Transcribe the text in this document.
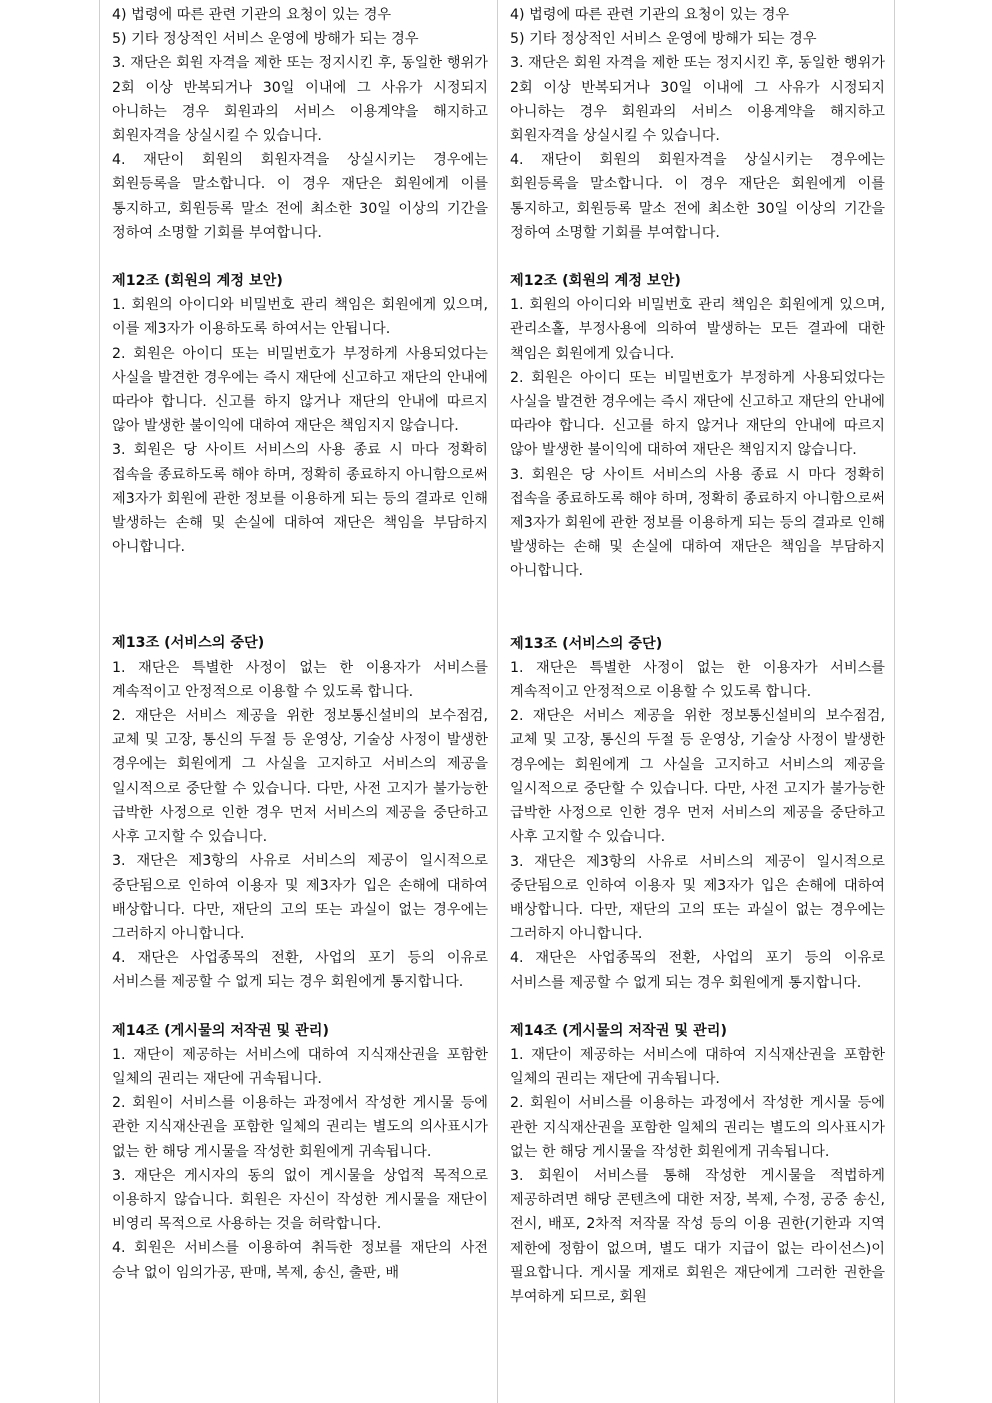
4) 법령에 따른 관련 기관의 요청이 있는 경우
5) 기타 정상적인 서비스 운영에 방해가 되는 경우
3. 재단은 회원 자격을 제한 또는 정지시킨 후, 동일한 행위가 2회 이상 반복되거나 30일 이내에 그 사유가 시정되지 아니하는 경우 회원과의 서비스 이용계약을 해지하고 회원자격을 상실시킬 수 있습니다.
4. 재단이 회원의 회원자격을 상실시키는 경우에는 회원등록을 말소합니다. 이 경우 재단은 회원에게 이를 통지하고, 회원등록 말소 전에 최소한 30일 이상의 기간을 정하여 소명할 기회를 부여합니다.
제12조 (회원의 계정 보안)
1. 회원의 아이디와 비밀번호 관리 책임은 회원에게 있으며, 이를 제3자가 이용하도록 하여서는 안됩니다.
2. 회원은 아이디 또는 비밀번호가 부정하게 사용되었다는 사실을 발견한 경우에는 즉시 재단에 신고하고 재단의 안내에 따라야 합니다. 신고를 하지 않거나 재단의 안내에 따르지 않아 발생한 불이익에 대하여 재단은 책임지지 않습니다.
3. 회원은 당 사이트 서비스의 사용 종료 시 마다 정확히 접속을 종료하도록 해야 하며, 정확히 종료하지 아니함으로써 제3자가 회원에 관한 정보를 이용하게 되는 등의 결과로 인해 발생하는 손해 및 손실에 대하여 재단은 책임을 부담하지 아니합니다.
제13조 (서비스의 중단)
1. 재단은 특별한 사정이 없는 한 이용자가 서비스를 계속적이고 안정적으로 이용할 수 있도록 합니다.
2. 재단은 서비스 제공을 위한 정보통신설비의 보수점검, 교체 및 고장, 통신의 두절 등 운영상, 기술상 사정이 발생한 경우에는 회원에게 그 사실을 고지하고 서비스의 제공을 일시적으로 중단할 수 있습니다. 다만, 사전 고지가 불가능한 급박한 사정으로 인한 경우 먼저 서비스의 제공을 중단하고 사후 고지할 수 있습니다.
3. 재단은 제3항의 사유로 서비스의 제공이 일시적으로 중단됨으로 인하여 이용자 및 제3자가 입은 손해에 대하여 배상합니다. 다만, 재단의 고의 또는 과실이 없는 경우에는 그러하지 아니합니다.
4. 재단은 사업종목의 전환, 사업의 포기 등의 이유로 서비스를 제공할 수 없게 되는 경우 회원에게 통지합니다.
제14조 (게시물의 저작권 및 관리)
1. 재단이 제공하는 서비스에 대하여 지식재산권을 포함한 일체의 권리는 재단에 귀속됩니다.
2. 회원이 서비스를 이용하는 과정에서 작성한 게시물 등에 관한 지식재산권을 포함한 일체의 권리는 별도의 의사표시가 없는 한 해당 게시물을 작성한 회원에게 귀속됩니다.
3. 재단은 게시자의 동의 없이 게시물을 상업적 목적으로 이용하지 않습니다. 회원은 자신이 작성한 게시물을 재단이 비영리 목적으로 사용하는 것을 허락합니다.
4. 회원은 서비스를 이용하여 취득한 정보를 재단의 사전 승낙 없이 임의가공, 판매, 복제, 송신, 출판, 배
4) 법령에 따른 관련 기관의 요청이 있는 경우
5) 기타 정상적인 서비스 운영에 방해가 되는 경우
3. 재단은 회원 자격을 제한 또는 정지시킨 후, 동일한 행위가 2회 이상 반복되거나 30일 이내에 그 사유가 시정되지 아니하는 경우 회원과의 서비스 이용계약을 해지하고 회원자격을 상실시킬 수 있습니다.
4. 재단이 회원의 회원자격을 상실시키는 경우에는 회원등록을 말소합니다. 이 경우 재단은 회원에게 이를 통지하고, 회원등록 말소 전에 최소한 30일 이상의 기간을 정하여 소명할 기회를 부여합니다.
제12조 (회원의 계정 보안)
1. 회원의 아이디와 비밀번호 관리 책임은 회원에게 있으며, 관리소홀, 부정사용에 의하여 발생하는 모든 결과에 대한 책임은 회원에게 있습니다.
2. 회원은 아이디 또는 비밀번호가 부정하게 사용되었다는 사실을 발견한 경우에는 즉시 재단에 신고하고 재단의 안내에 따라야 합니다. 신고를 하지 않거나 재단의 안내에 따르지 않아 발생한 불이익에 대하여 재단은 책임지지 않습니다.
3. 회원은 당 사이트 서비스의 사용 종료 시 마다 정확히 접속을 종료하도록 해야 하며, 정확히 종료하지 아니함으로써 제3자가 회원에 관한 정보를 이용하게 되는 등의 결과로 인해 발생하는 손해 및 손실에 대하여 재단은 책임을 부담하지 아니합니다.
제13조 (서비스의 중단)
1. 재단은 특별한 사정이 없는 한 이용자가 서비스를 계속적이고 안정적으로 이용할 수 있도록 합니다.
2. 재단은 서비스 제공을 위한 정보통신설비의 보수점검, 교체 및 고장, 통신의 두절 등 운영상, 기술상 사정이 발생한 경우에는 회원에게 그 사실을 고지하고 서비스의 제공을 일시적으로 중단할 수 있습니다. 다만, 사전 고지가 불가능한 급박한 사정으로 인한 경우 먼저 서비스의 제공을 중단하고 사후 고지할 수 있습니다.
3. 재단은 제3항의 사유로 서비스의 제공이 일시적으로 중단됨으로 인하여 이용자 및 제3자가 입은 손해에 대하여 배상합니다. 다만, 재단의 고의 또는 과실이 없는 경우에는 그러하지 아니합니다.
4. 재단은 사업종목의 전환, 사업의 포기 등의 이유로 서비스를 제공할 수 없게 되는 경우 회원에게 통지합니다.
제14조 (게시물의 저작권 및 관리)
1. 재단이 제공하는 서비스에 대하여 지식재산권을 포함한 일체의 권리는 재단에 귀속됩니다.
2. 회원이 서비스를 이용하는 과정에서 작성한 게시물 등에 관한 지식재산권을 포함한 일체의 권리는 별도의 의사표시가 없는 한 해당 게시물을 작성한 회원에게 귀속됩니다.
3. 회원이 서비스를 통해 작성한 게시물을 적법하게 제공하려면 해당 콘텐츠에 대한 저장, 복제, 수정, 공중 송신, 전시, 배포, 2차적 저작물 작성 등의 이용 권한(기한과 지역 제한에 정함이 없으며, 별도 대가 지급이 없는 라이선스)이 필요합니다. 게시물 게재로 회원은 재단에게 그러한 권한을 부여하게 되므로, 회원
